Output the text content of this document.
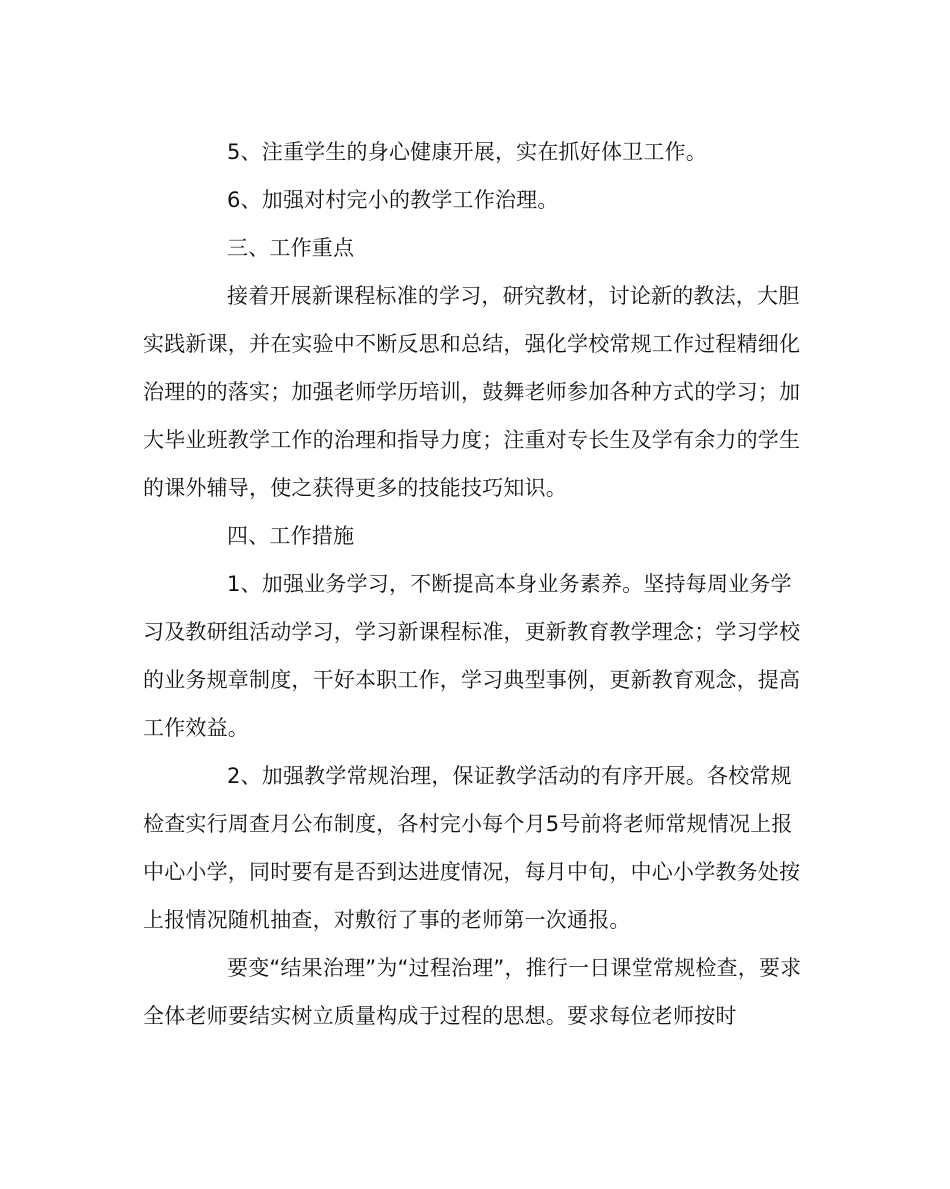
5、注重学生的身心健康开展，实在抓好体卫工作。

6、加强对村完小的教学工作治理。

三、工作重点

接着开展新课程标准的学习，研究教材，讨论新的教法，大胆实践新课，并在实验中不断反思和总结，强化学校常规工作过程精细化治理的的落实；加强老师学历培训，鼓舞老师参加各种方式的学习；加大毕业班教学工作的治理和指导力度；注重对专长生及学有余力的学生的课外辅导，使之获得更多的技能技巧知识。

四、工作措施

1、加强业务学习，不断提高本身业务素养。坚持每周业务学习及教研组活动学习，学习新课程标准，更新教育教学理念；学习学校的业务规章制度，干好本职工作，学习典型事例，更新教育观念，提高工作效益。

2、加强教学常规治理，保证教学活动的有序开展。各校常规检查实行周查月公布制度，各村完小每个月5号前将老师常规情况上报中心小学，同时要有是否到达进度情况，每月中旬，中心小学教务处按上报情况随机抽查，对敷衍了事的老师第一次通报。

要变“结果治理”为“过程治理”，推行一日课堂常规检查，要求全体老师要结实树立质量构成于过程的思想。要求每位老师按时
